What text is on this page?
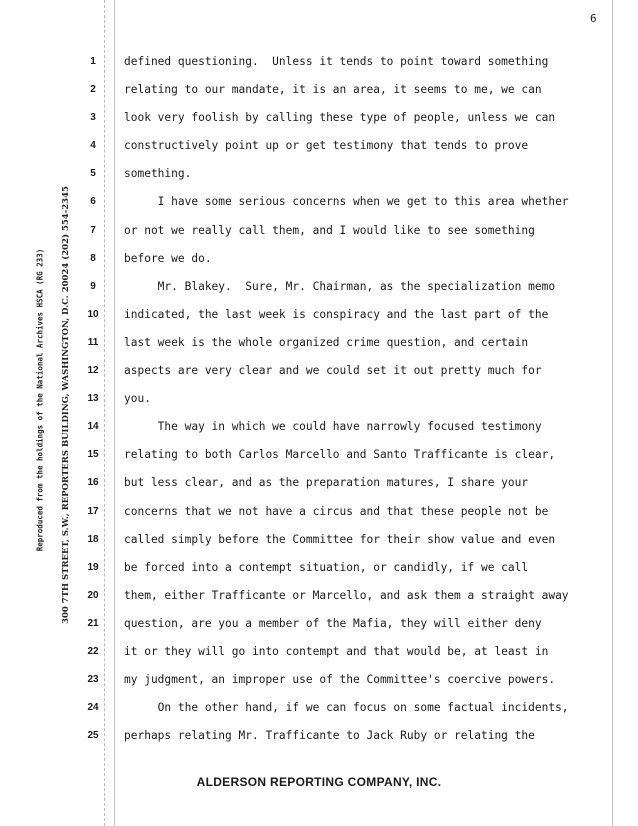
6
Reproduced from the holdings of the National Archives HSCA (RG 233) 300 7TH STREET, S.W., REPORTERS BUILDING, WASHINGTON, D.C. 20024 (202) 554-2345
1
2
3
4
5
6
7
8
9
10
11
12
13
14
15
16
17
18
19
20
21
22
23
24
25
defined questioning.  Unless it tends to point toward something
relating to our mandate, it is an area, it seems to me, we can
look very foolish by calling these type of people, unless we can
constructively point up or get testimony that tends to prove
something.
I have some serious concerns when we get to this area whether
or not we really call them, and I would like to see something
before we do.
Mr. Blakey.  Sure, Mr. Chairman, as the specialization memo
indicated, the last week is conspiracy and the last part of the
last week is the whole organized crime question, and certain
aspects are very clear and we could set it out pretty much for
you.
The way in which we could have narrowly focused testimony
relating to both Carlos Marcello and Santo Trafficante is clear,
but less clear, and as the preparation matures, I share your
concerns that we not have a circus and that these people not be
called simply before the Committee for their show value and even
be forced into a contempt situation, or candidly, if we call
them, either Trafficante or Marcello, and ask them a straight away
question, are you a member of the Mafia, they will either deny
it or they will go into contempt and that would be, at least in
my judgment, an improper use of the Committee's coercive powers.
On the other hand, if we can focus on some factual incidents,
perhaps relating Mr. Trafficante to Jack Ruby or relating the
ALDERSON REPORTING COMPANY, INC.
